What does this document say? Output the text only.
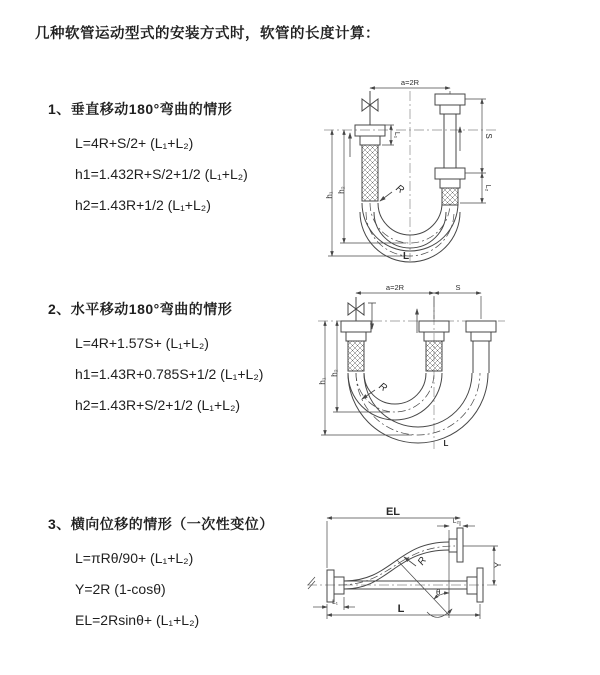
几种软管运动型式的安装方式时，软管的长度计算：
1、垂直移动180°弯曲的情形
L=4R+S/2+ (L₁+L₂)
h1=1.432R+S/2+1/2 (L₁+L₂)
h2=1.43R+1/2 (L₁+L₂)
2、水平移动180°弯曲的情形
L=4R+1.57S+ (L₁+L₂)
h1=1.43R+0.785S+1/2 (L₁+L₂)
h2=1.43R+S/2+1/2 (L₁+L₂)
3、横向位移的情形（一次性变位）
L=πRθ/90+ (L₁+L₂)
Y=2R (1-cosθ)
EL=2Rsinθ+ (L₁+L₂)
R
a=2R
S
L₂
L₁
h₁
h₂
L
R
a=2R	S
h₁
h₂
L
θ
R
EL
L₂
Y
L
L₁
